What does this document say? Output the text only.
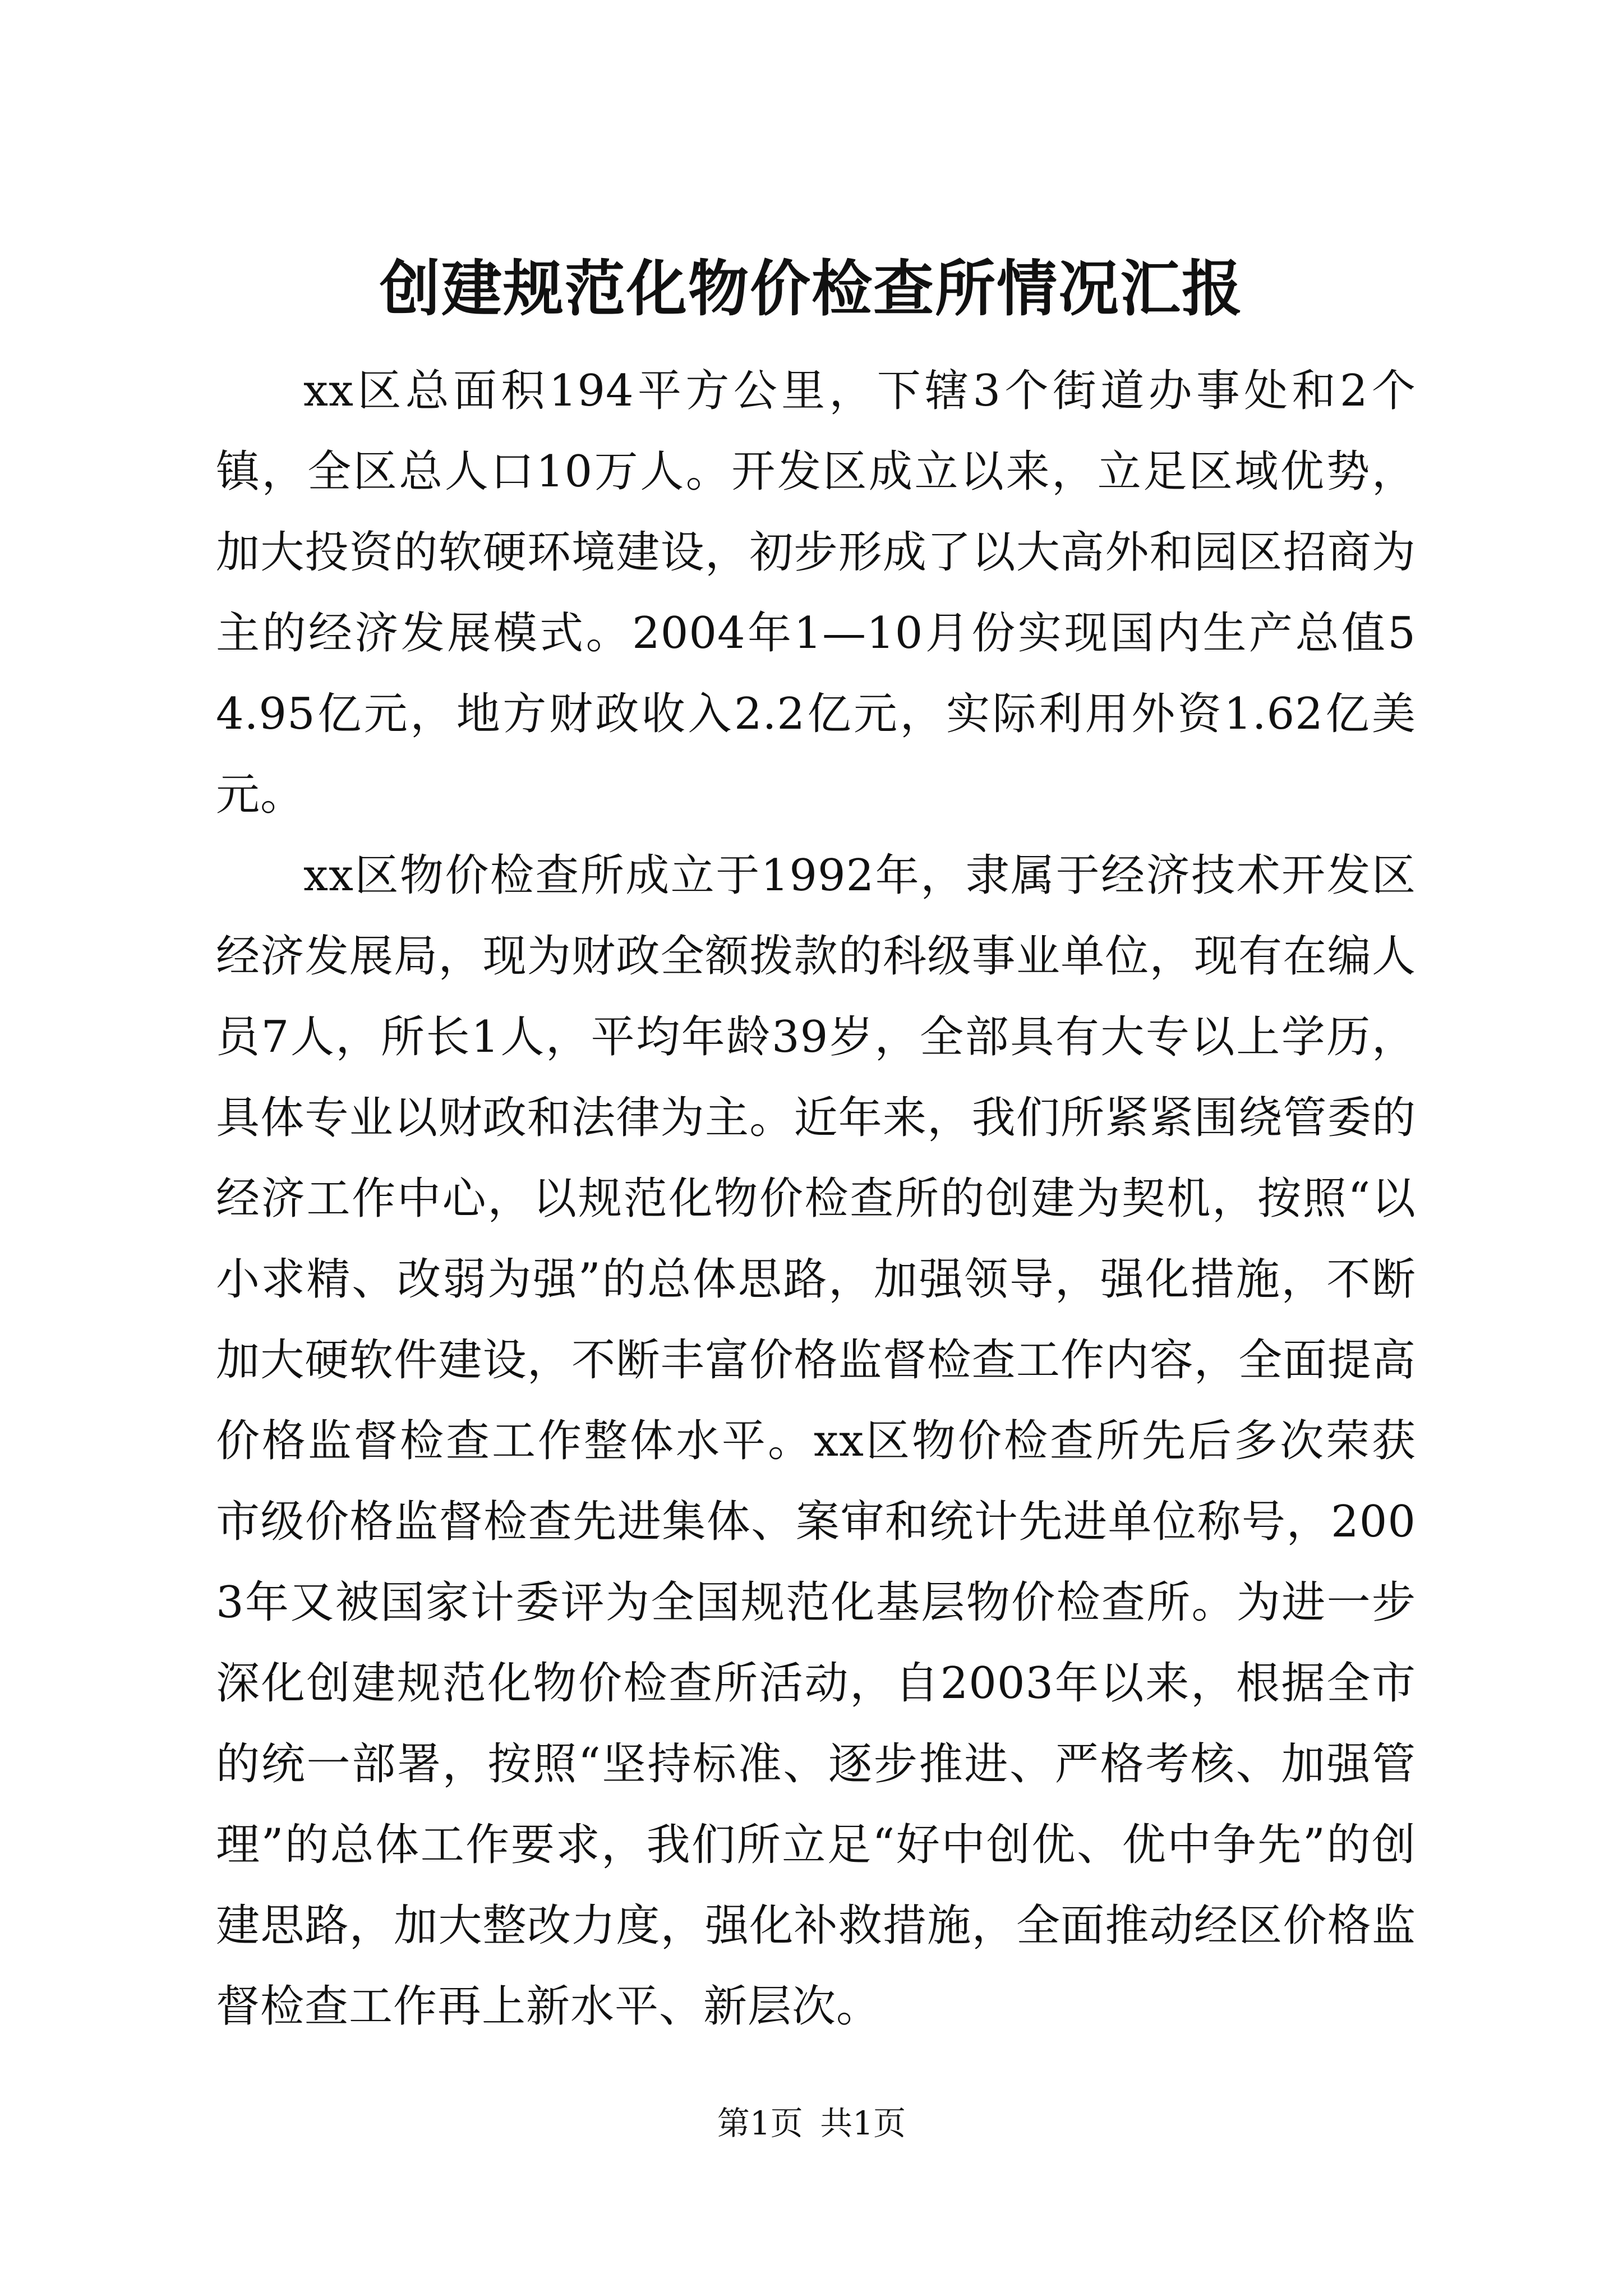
创建规范化物价检查所情况汇报

xx区总面积194平方公里，下辖3个街道办事处和2个镇，全区总人口10万人。开发区成立以来，立足区域优势，加大投资的软硬环境建设，初步形成了以大高外和园区招商为主的经济发展模式。2004年1—10月份实现国内生产总值54.95亿元，地方财政收入2.2亿元，实际利用外资1.62亿美元。

xx区物价检查所成立于1992年，隶属于经济技术开发区经济发展局，现为财政全额拨款的科级事业单位，现有在编人员7人，所长1人，平均年龄39岁，全部具有大专以上学历，具体专业以财政和法律为主。近年来，我们所紧紧围绕管委的经济工作中心，以规范化物价检查所的创建为契机，按照“以小求精、改弱为强”的总体思路，加强领导，强化措施，不断加大硬软件建设，不断丰富价格监督检查工作内容，全面提高价格监督检查工作整体水平。xx区物价检查所先后多次荣获市级价格监督检查先进集体、案审和统计先进单位称号，2003年又被国家计委评为全国规范化基层物价检查所。为进一步深化创建规范化物价检查所活动，自2003年以来，根据全市的统一部署，按照“坚持标准、逐步推进、严格考核、加强管理”的总体工作要求，我们所立足“好中创优、优中争先”的创建思路，加大整改力度，强化补救措施，全面推动经区价格监督检查工作再上新水平、新层次。

第1页 共1页
